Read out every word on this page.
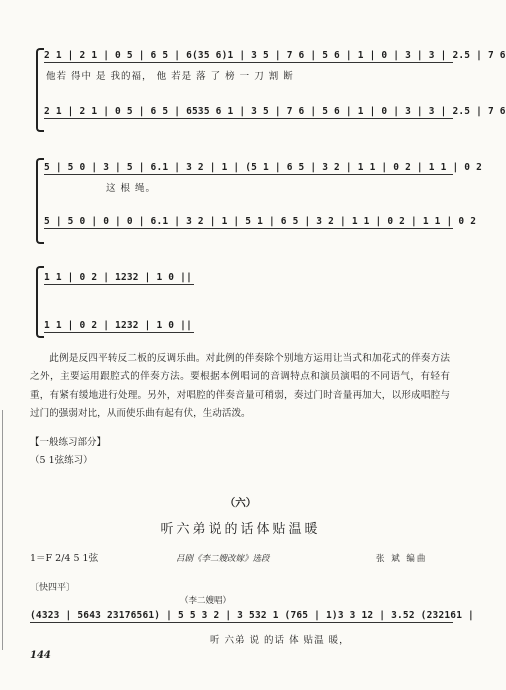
2 1 | 2 1 | 0 5 | 6 5 | 6(35 6)1 | 3 5 | 7 6 | 5 6 | 1 | 0 | 3 | 3 | 2.5 | 7 6
他若 得中 是 我的福， 他 若是 落 了 榜 一 刀 割 断
2 1 | 2 1 | 0 5 | 6 5 | 6535 6 1 | 3 5 | 7 6 | 5 6 | 1 | 0 | 3 | 3 | 2.5 | 7 6
5 | 5 0 | 3 | 5 | 6.1 | 3 2 | 1 | (5 1 | 6 5 | 3 2 | 1 1 | 0 2 | 1 1 | 0 2
这 根 绳。
5 | 5 0 | 0 | 0 | 6.1 | 3 2 | 1 | 5 1 | 6 5 | 3 2 | 1 1 | 0 2 | 1 1 | 0 2
1 1 | 0 2 | 1232 | 1 0 ||
1 1 | 0 2 | 1232 | 1 0 ||
此例是反四平转反二板的反调乐曲。对此例的伴奏除个别地方运用让当式和加花式的伴奏方法之外，主要运用跟腔式的伴奏方法。要根据本例唱词的音调特点和演员演唱的不同语气，有轻有重，有紧有缓地进行处理。另外，对唱腔的伴奏音量可稍弱，奏过门时音量再加大，以形成唱腔与过门的强弱对比，从而使乐曲有起有伏，生动活泼。
【一般练习部分】
（5 1弦练习）
（六）
听六弟说的话体贴温暖
1＝F 2/4 5 1弦	吕剧《李二嫂改嫁》选段	张 斌 编曲
〔快四平〕
（李二嫂唱）
(4323 | 5643 23176561) | 5 5 3 2 | 3 532 1 (765 | 1)3 3 12 | 3.52 (232161 |
听 六弟 说 的话 体 贴温 暖，
144
